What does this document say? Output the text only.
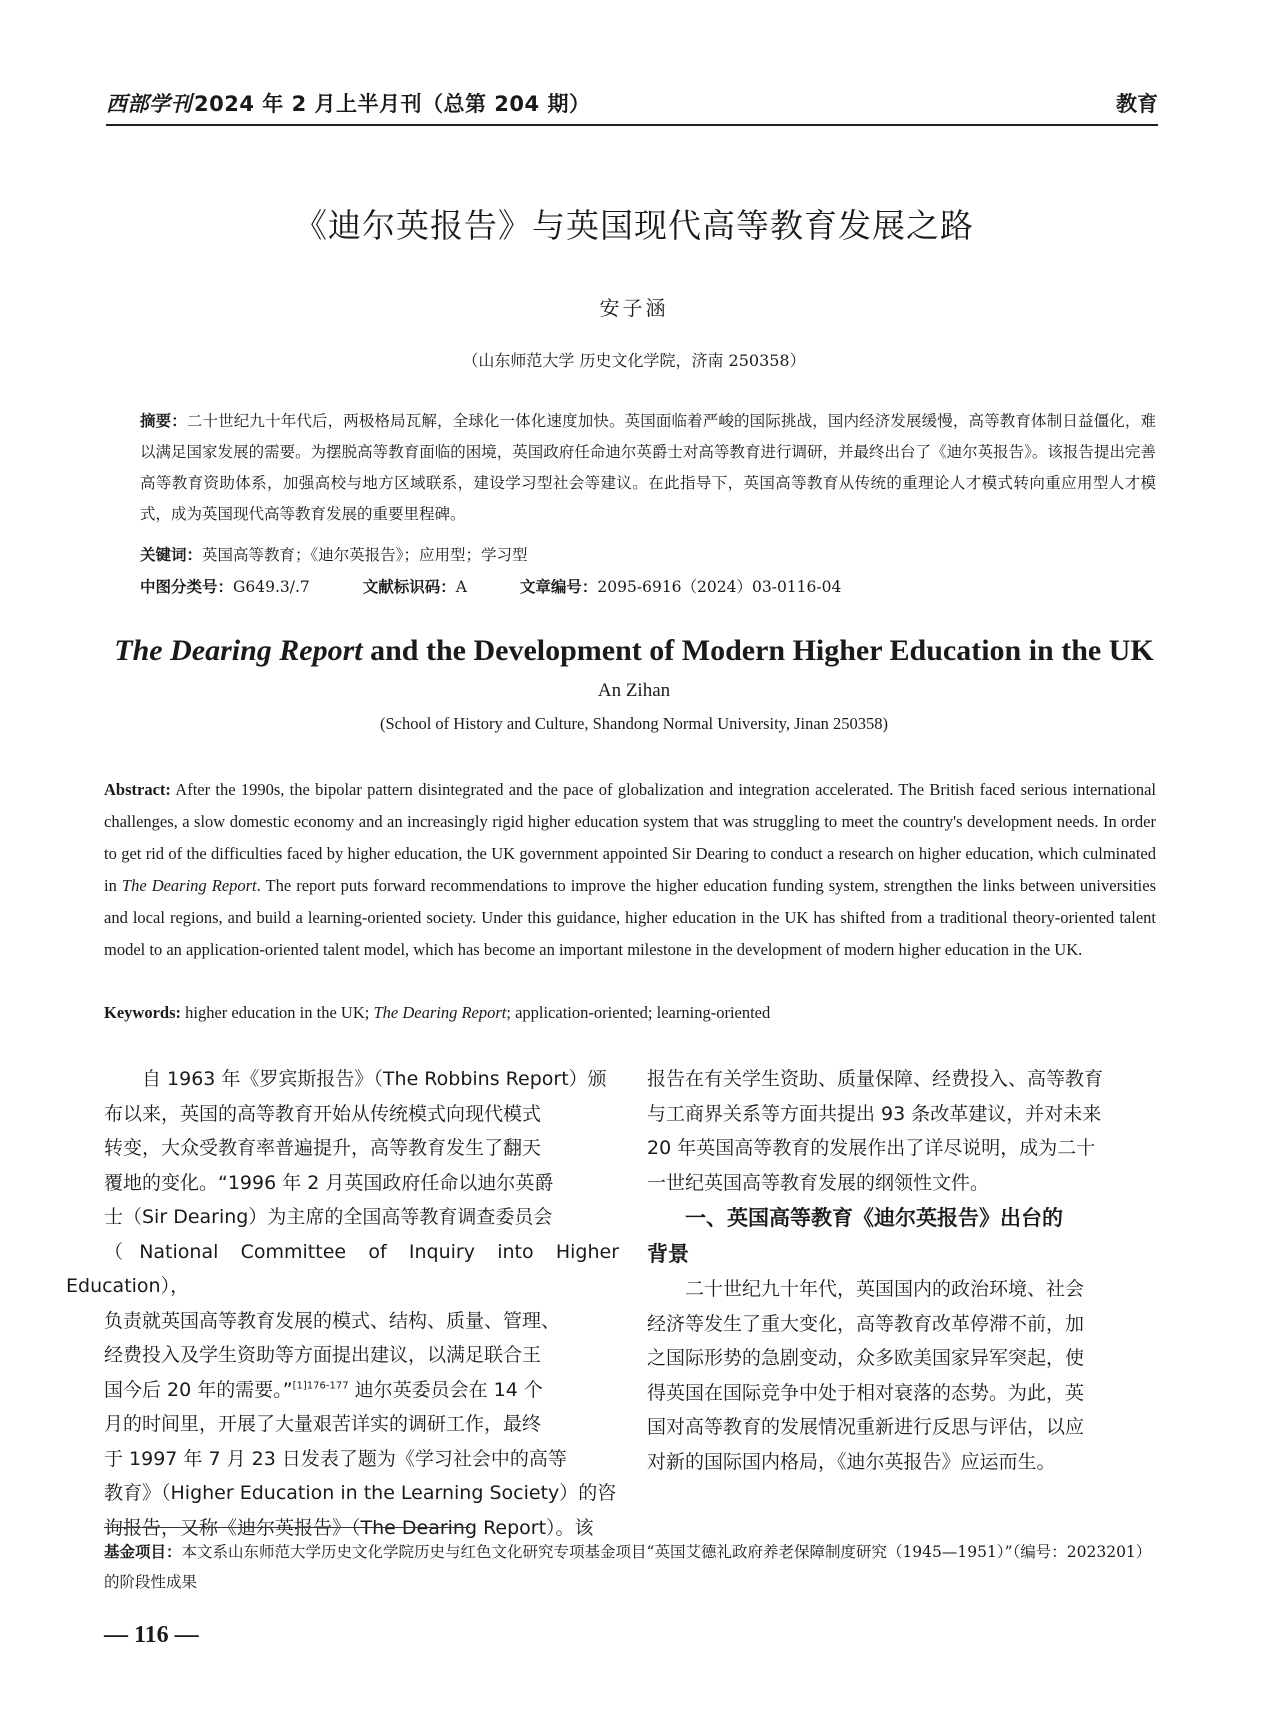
西部学刊2024 年 2 月上半月刊（总第 204 期）	教育
《迪尔英报告》与英国现代高等教育发展之路
安子涵
（山东师范大学 历史文化学院，济南 250358）
摘要：二十世纪九十年代后，两极格局瓦解，全球化一体化速度加快。英国面临着严峻的国际挑战，国内经济发展缓慢，高等教育体制日益僵化，难以满足国家发展的需要。为摆脱高等教育面临的困境，英国政府任命迪尔英爵士对高等教育进行调研，并最终出台了《迪尔英报告》。该报告提出完善高等教育资助体系，加强高校与地方区域联系，建设学习型社会等建议。在此指导下，英国高等教育从传统的重理论人才模式转向重应用型人才模式，成为英国现代高等教育发展的重要里程碑。
关键词：英国高等教育；《迪尔英报告》；应用型；学习型
中图分类号：G649.3/.7	文献标识码：A	文章编号：2095-6916（2024）03-0116-04
The Dearing Report and the Development of Modern Higher Education in the UK
An Zihan
(School of History and Culture, Shandong Normal University, Jinan 250358)
Abstract: After the 1990s, the bipolar pattern disintegrated and the pace of globalization and integration accelerated. The British faced serious international challenges, a slow domestic economy and an increasingly rigid higher education system that was struggling to meet the country's development needs. In order to get rid of the difficulties faced by higher education, the UK government appointed Sir Dearing to conduct a research on higher education, which culminated in The Dearing Report. The report puts forward recommendations to improve the higher education funding system, strengthen the links between universities and local regions, and build a learning-oriented society. Under this guidance, higher education in the UK has shifted from a traditional theory-oriented talent model to an application-oriented talent model, which has become an important milestone in the development of modern higher education in the UK.
Keywords: higher education in the UK; The Dearing Report; application-oriented; learning-oriented

自 1963 年《罗宾斯报告》（The Robbins Report）颁
布以来，英国的高等教育开始从传统模式向现代模式
转变，大众受教育率普遍提升，高等教育发生了翻天
覆地的变化。“1996 年 2 月英国政府任命以迪尔英爵
士（Sir Dearing）为主席的全国高等教育调查委员会
（National Committee of Inquiry into Higher Education），
负责就英国高等教育发展的模式、结构、质量、管理、
经费投入及学生资助等方面提出建议，以满足联合王
国今后 20 年的需要。”$^{[1]176-177}$ 迪尔英委员会在 14 个
月的时间里，开展了大量艰苦详实的调研工作，最终
于 1997 年 7 月 23 日发表了题为《学习社会中的高等
教育》（Higher Education in the Learning Society）的咨
询报告，又称《迪尔英报告》（The Dearing Report）。该

报告在有关学生资助、质量保障、经费投入、高等教育
与工商界关系等方面共提出 93 条改革建议，并对未来
20 年英国高等教育的发展作出了详尽说明，成为二十
一世纪英国高等教育发展的纲领性文件。

一、英国高等教育《迪尔英报告》出台的
背景

二十世纪九十年代，英国国内的政治环境、社会
经济等发生了重大变化，高等教育改革停滞不前，加
之国际形势的急剧变动，众多欧美国家异军突起，使
得英国在国际竞争中处于相对衰落的态势。为此，英
国对高等教育的发展情况重新进行反思与评估，以应
对新的国际国内格局，《迪尔英报告》应运而生。

基金项目：本文系山东师范大学历史文化学院历史与红色文化研究专项基金项目“英国艾德礼政府养老保障制度研究（1945—1951）”（编号：2023201）的阶段性成果
— 116 —
